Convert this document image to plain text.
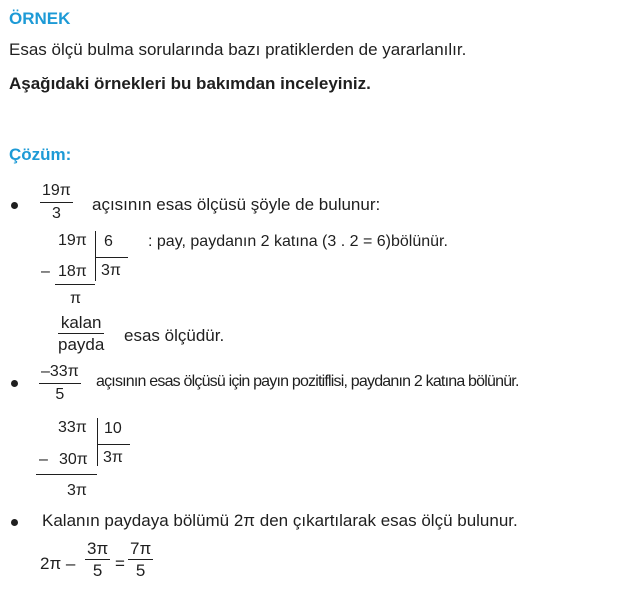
ÖRNEK
Esas ölçü bulma sorularında bazı pratiklerden de yararlanılır.
Aşağıdaki örnekleri bu bakımdan inceleyiniz.
Çözüm:
19π
3 açısının esas ölçüsü şöyle de bulunur:
19π 6
3π
: pay, paydanın 2 katına (3 . 2 = 6)bölünür.
– 18π
π
kalan
payda esas ölçüdür.
–33π
5
açısının esas ölçüsü için payın pozitiflisi, paydanın 2 katına bölünür.
33π 10
3π
– 30π
3π
Kalanın paydaya bölümü 2π den çıkartılarak esas ölçü bulunur.
2π –
3π
5 =
7π
5
